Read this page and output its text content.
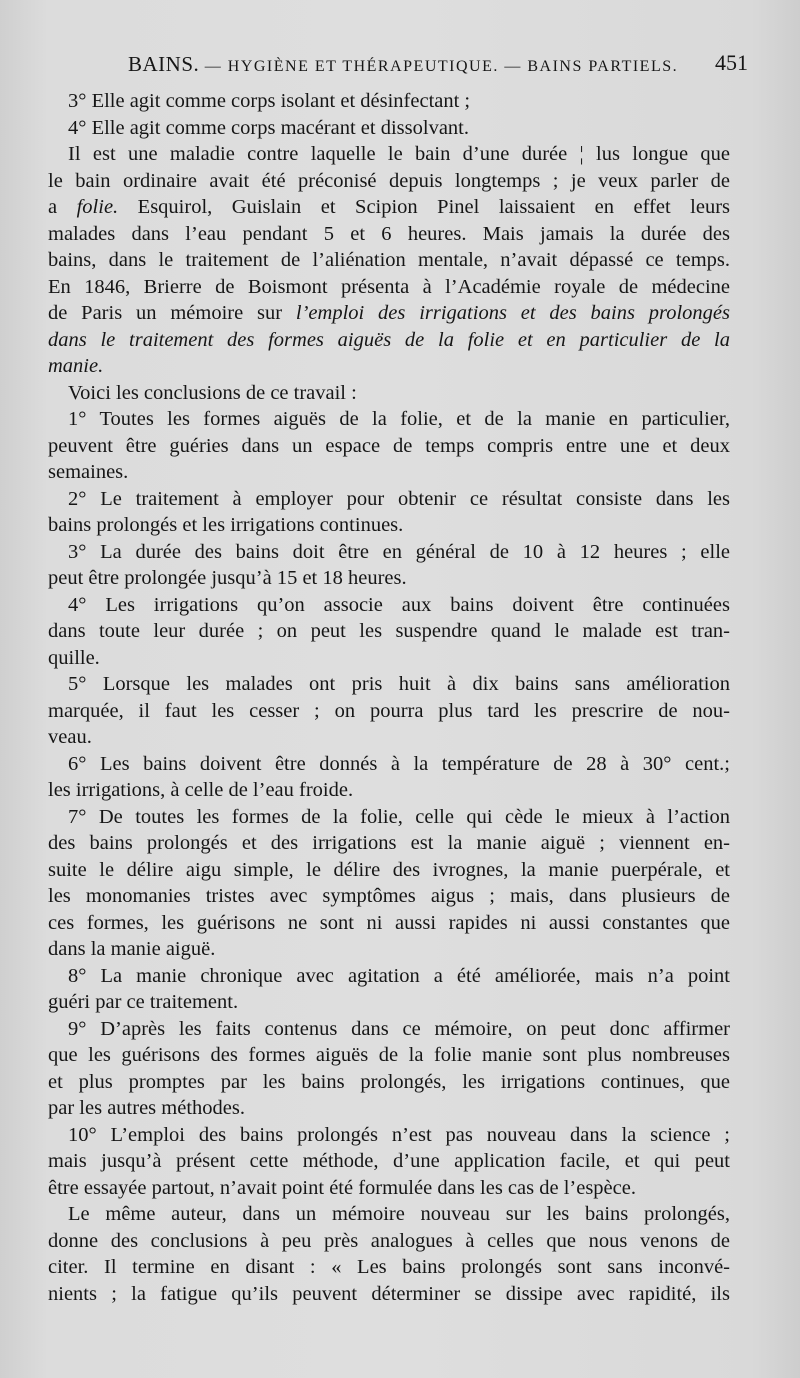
BAINS. — HYGIÈNE ET THÉRAPEUTIQUE. — BAINS PARTIELS. 451
3° Elle agit comme corps isolant et désinfectant ;
4° Elle agit comme corps macérant et dissolvant.
Il est une maladie contre laquelle le bain d’une durée ¦ lus longue que
le bain ordinaire avait été préconisé depuis longtemps ; je veux parler de
a folie. Esquirol, Guislain et Scipion Pinel laissaient en effet leurs
malades dans l’eau pendant 5 et 6 heures. Mais jamais la durée des
bains, dans le traitement de l’aliénation mentale, n’avait dépassé ce temps.
En 1846, Brierre de Boismont présenta à l’Académie royale de médecine
de Paris un mémoire sur l’emploi des irrigations et des bains prolongés
dans le traitement des formes aiguës de la folie et en particulier de la
manie.
Voici les conclusions de ce travail :
1° Toutes les formes aiguës de la folie, et de la manie en particulier,
peuvent être guéries dans un espace de temps compris entre une et deux
semaines.
2° Le traitement à employer pour obtenir ce résultat consiste dans les
bains prolongés et les irrigations continues.
3° La durée des bains doit être en général de 10 à 12 heures ; elle
peut être prolongée jusqu’à 15 et 18 heures.
4° Les irrigations qu’on associe aux bains doivent être continuées
dans toute leur durée ; on peut les suspendre quand le malade est tran-
quille.
5° Lorsque les malades ont pris huit à dix bains sans amélioration
marquée, il faut les cesser ; on pourra plus tard les prescrire de nou-
veau.
6° Les bains doivent être donnés à la température de 28 à 30° cent.;
les irrigations, à celle de l’eau froide.
7° De toutes les formes de la folie, celle qui cède le mieux à l’action
des bains prolongés et des irrigations est la manie aiguë ; viennent en-
suite le délire aigu simple, le délire des ivrognes, la manie puerpérale, et
les monomanies tristes avec symptômes aigus ; mais, dans plusieurs de
ces formes, les guérisons ne sont ni aussi rapides ni aussi constantes que
dans la manie aiguë.
8° La manie chronique avec agitation a été améliorée, mais n’a point
guéri par ce traitement.
9° D’après les faits contenus dans ce mémoire, on peut donc affirmer
que les guérisons des formes aiguës de la folie manie sont plus nombreuses
et plus promptes par les bains prolongés, les irrigations continues, que
par les autres méthodes.
10° L’emploi des bains prolongés n’est pas nouveau dans la science ;
mais jusqu’à présent cette méthode, d’une application facile, et qui peut
être essayée partout, n’avait point été formulée dans les cas de l’espèce.
Le même auteur, dans un mémoire nouveau sur les bains prolongés,
donne des conclusions à peu près analogues à celles que nous venons de
citer. Il termine en disant : « Les bains prolongés sont sans inconvé-
nients ; la fatigue qu’ils peuvent déterminer se dissipe avec rapidité, ils
